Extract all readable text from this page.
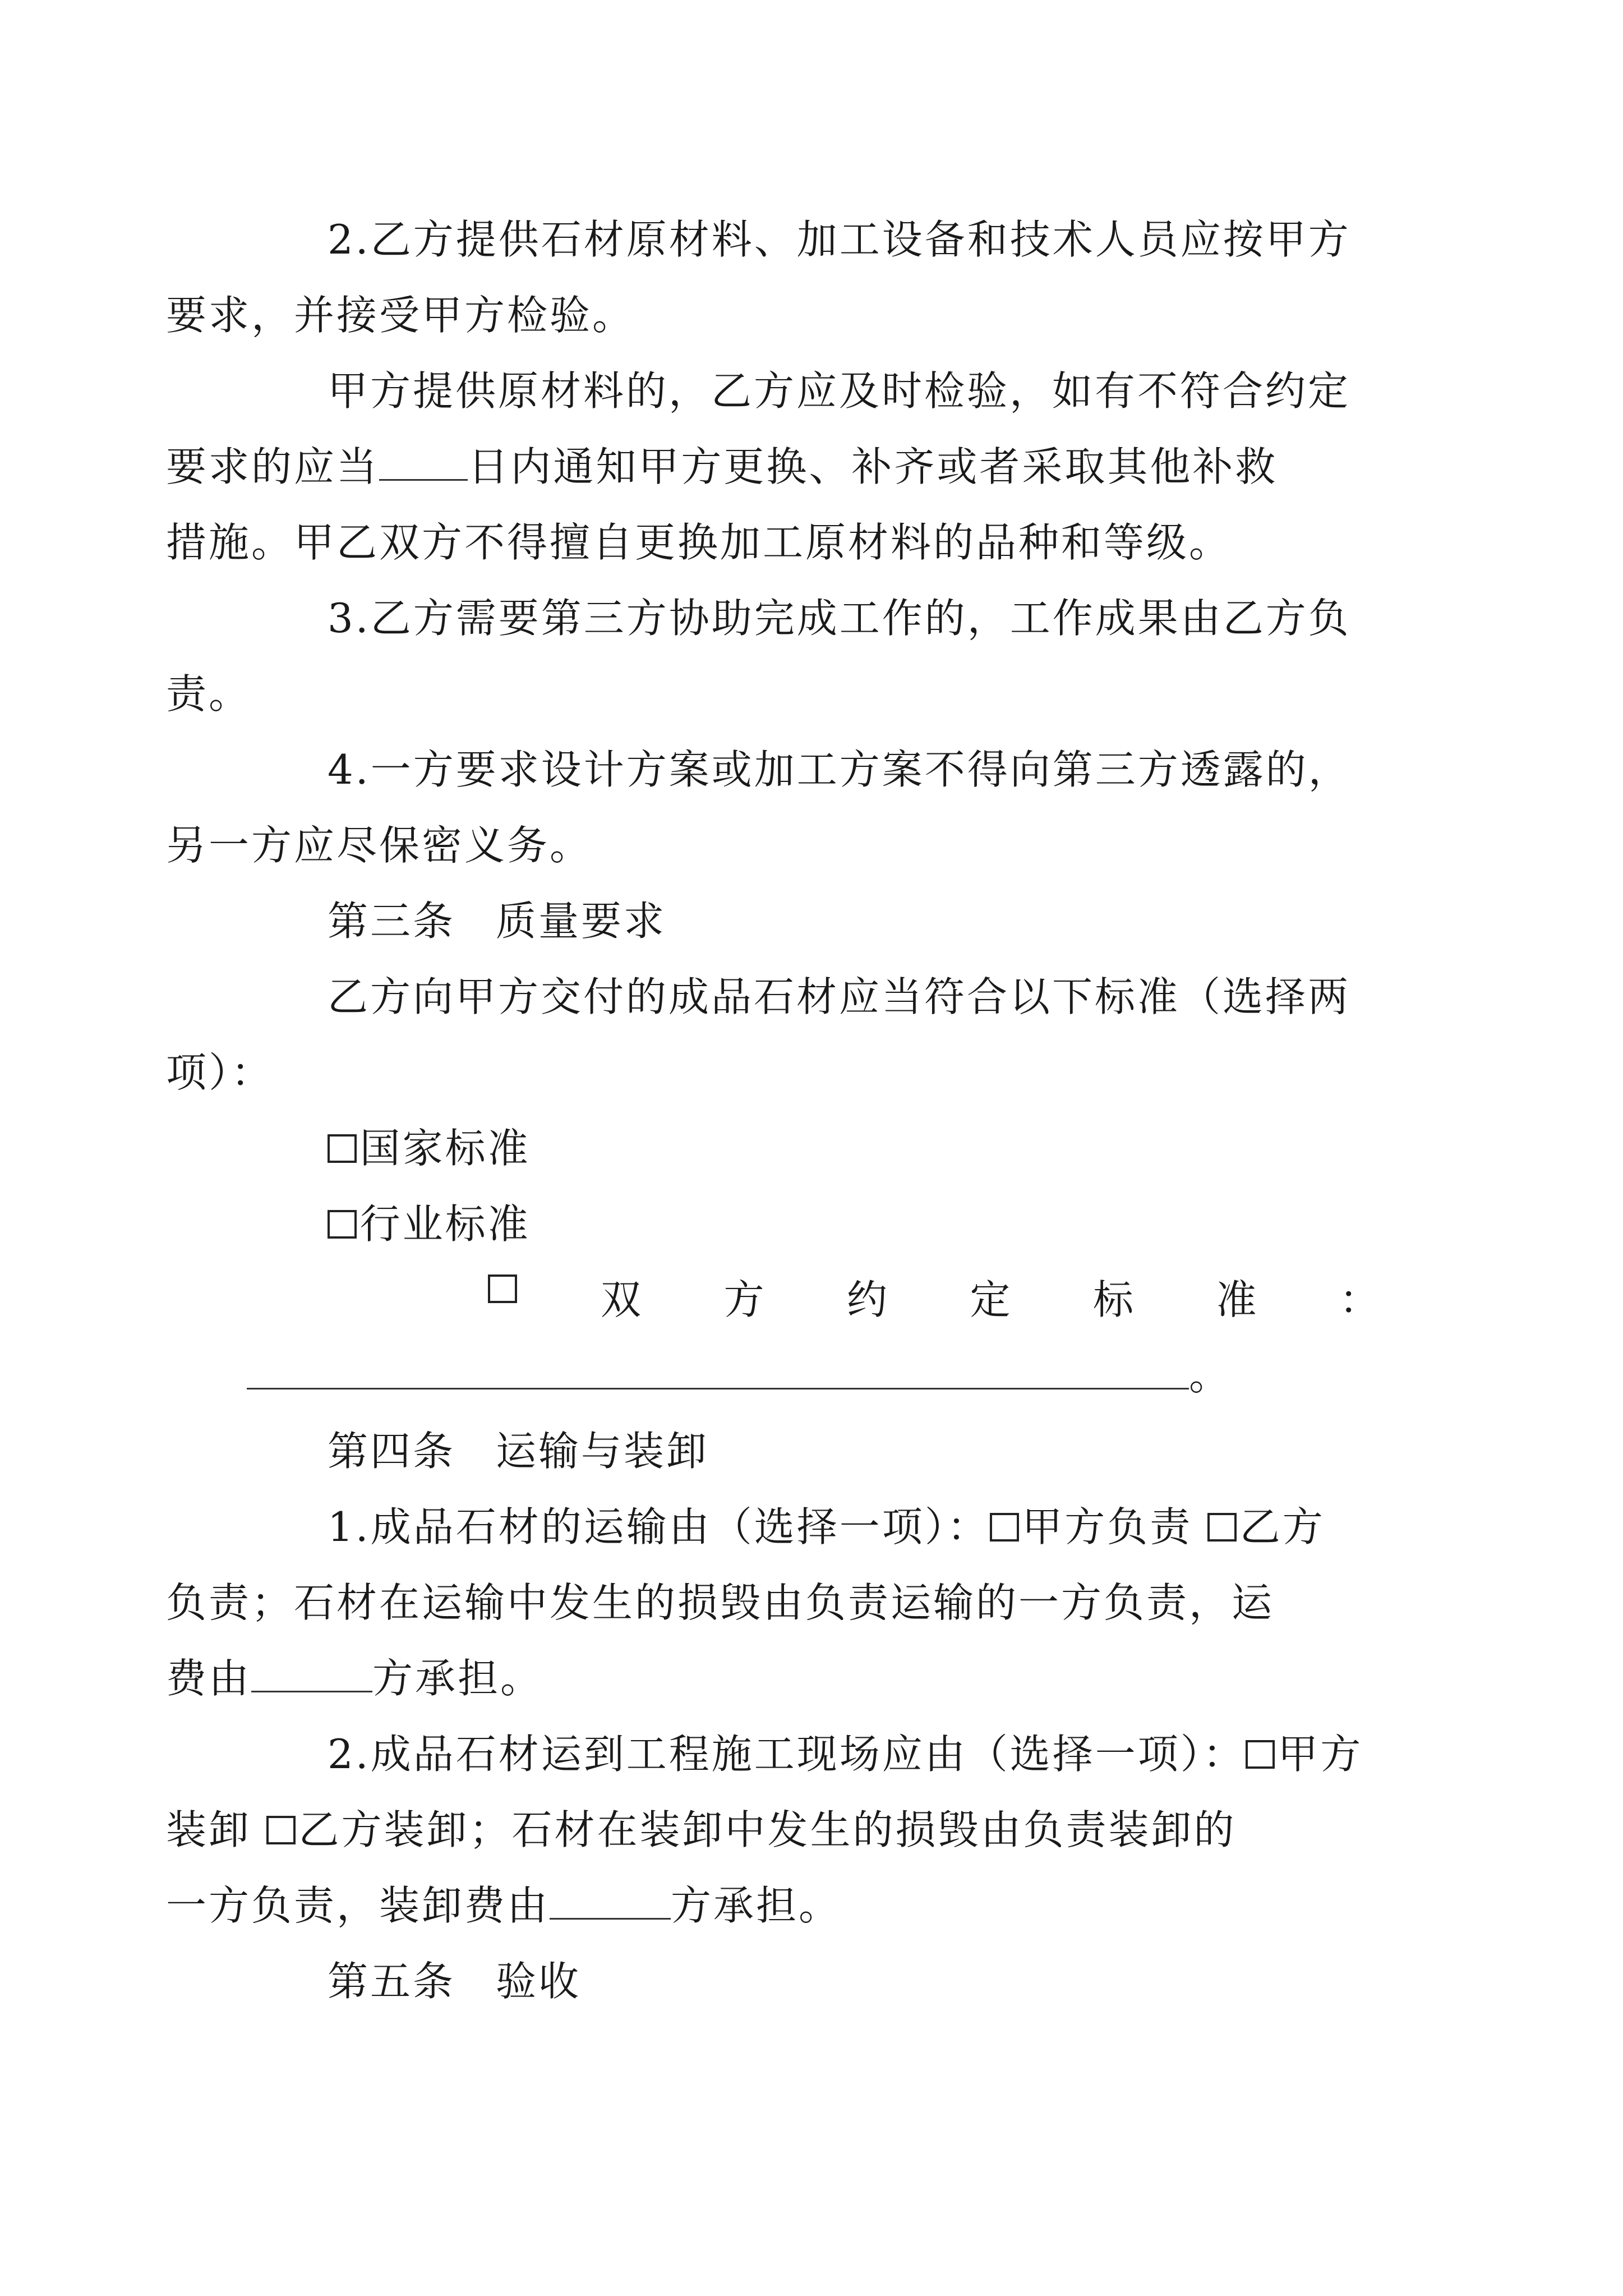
2.乙方提供石材原材料、加工设备和技术人员应按甲方
要求，并接受甲方检验。

甲方提供原材料的，乙方应及时检验，如有不符合约定
要求的应当 日内通知甲方更换、补齐或者采取其他补救
措施。甲乙双方不得擅自更换加工原材料的品种和等级。

3.乙方需要第三方协助完成工作的，工作成果由乙方负
责。

4.一方要求设计方案或加工方案不得向第三方透露的，
另一方应尽保密义务。

第三条 质量要求

乙方向甲方交付的成品石材应当符合以下标准（选择两
项）：

国家标准

行业标准

双 方 约 定 标 准 ：

。

第四条 运输与装卸

1.成品石材的运输由（选择一项）： 甲方负责 乙方
负责；石材在运输中发生的损毁由负责运输的一方负责，运
费由	方承担。

2.成品石材运到工程施工现场应由（选择一项）： 甲方
装卸 乙方装卸；石材在装卸中发生的损毁由负责装卸的
一方负责，装卸费由	方承担。

第五条 验收
